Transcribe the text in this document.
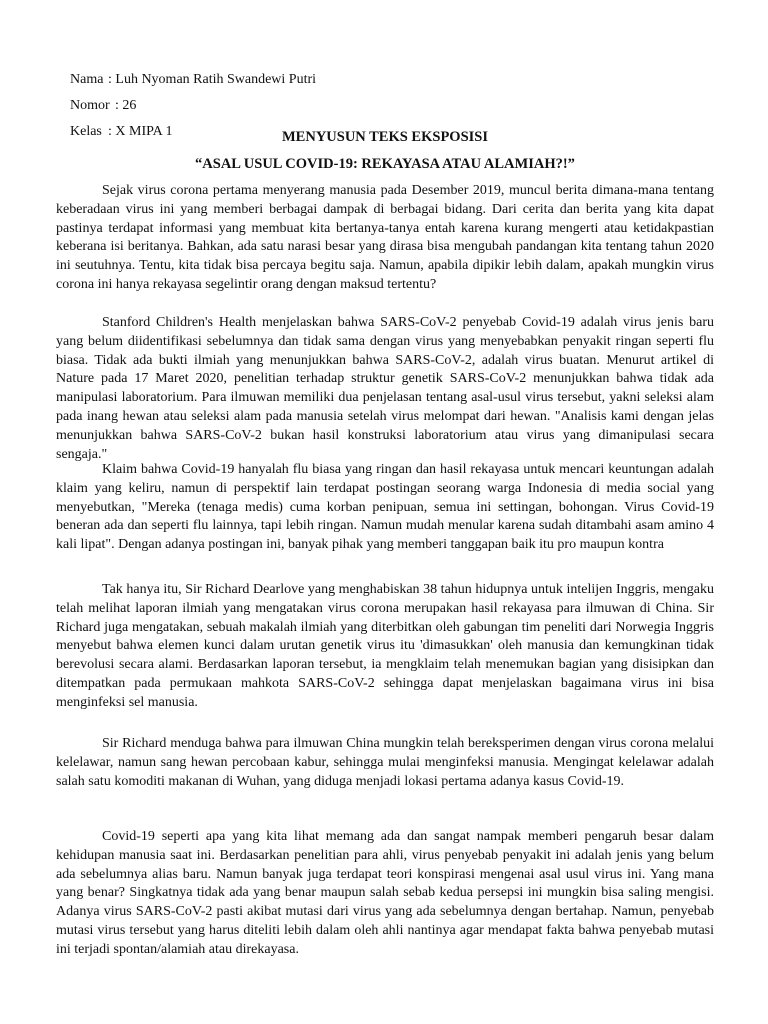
Nama : Luh Nyoman Ratih Swandewi Putri

Nomor : 26

Kelas : X MIPA 1
	MENYUSUN TEKS EKSPOSISI
“ASAL USUL COVID-19: REKAYASA ATAU ALAMIAH?!”

Sejak virus corona pertama menyerang manusia pada Desember 2019, muncul berita dimana-mana tentang keberadaan virus ini yang memberi berbagai dampak di berbagai bidang. Dari cerita dan berita yang kita dapat pastinya terdapat informasi yang membuat kita bertanya-tanya entah karena kurang mengerti atau ketidakpastian keberana isi beritanya. Bahkan, ada satu narasi besar yang dirasa bisa mengubah pandangan kita tentang tahun 2020 ini seutuhnya. Tentu, kita tidak bisa percaya begitu saja. Namun, apabila dipikir lebih dalam, apakah mungkin virus corona ini hanya rekayasa segelintir orang dengan maksud tertentu?

Stanford Children's Health menjelaskan bahwa SARS-CoV-2 penyebab Covid-19 adalah virus jenis baru yang belum diidentifikasi sebelumnya dan tidak sama dengan virus yang menyebabkan penyakit ringan seperti flu biasa. Tidak ada bukti ilmiah yang menunjukkan bahwa SARS-CoV-2, adalah virus buatan. Menurut artikel di Nature pada 17 Maret 2020, penelitian terhadap struktur genetik SARS-CoV-2 menunjukkan bahwa tidak ada manipulasi laboratorium. Para ilmuwan memiliki dua penjelasan tentang asal-usul virus tersebut, yakni seleksi alam pada inang hewan atau seleksi alam pada manusia setelah virus melompat dari hewan. "Analisis kami dengan jelas menunjukkan bahwa SARS-CoV-2 bukan hasil konstruksi laboratorium atau virus yang dimanipulasi secara sengaja."

Klaim bahwa Covid-19 hanyalah flu biasa yang ringan dan hasil rekayasa untuk mencari keuntungan adalah klaim yang keliru, namun di perspektif lain terdapat postingan seorang warga Indonesia di media social yang menyebutkan, "Mereka (tenaga medis) cuma korban penipuan, semua ini settingan, bohongan. Virus Covid-19 beneran ada dan seperti flu lainnya, tapi lebih ringan. Namun mudah menular karena sudah ditambahi asam amino 4 kali lipat". Dengan adanya postingan ini, banyak pihak yang memberi tanggapan baik itu pro maupun kontra

Tak hanya itu, Sir Richard Dearlove yang menghabiskan 38 tahun hidupnya untuk intelijen Inggris, mengaku telah melihat laporan ilmiah yang mengatakan virus corona merupakan hasil rekayasa para ilmuwan di China. Sir Richard juga mengatakan, sebuah makalah ilmiah yang diterbitkan oleh gabungan tim peneliti dari Norwegia Inggris menyebut bahwa elemen kunci dalam urutan genetik virus itu 'dimasukkan' oleh manusia dan kemungkinan tidak berevolusi secara alami. Berdasarkan laporan tersebut, ia mengklaim telah menemukan bagian yang disisipkan dan ditempatkan pada permukaan mahkota SARS-CoV-2 sehingga dapat menjelaskan bagaimana virus ini bisa menginfeksi sel manusia.

Sir Richard menduga bahwa para ilmuwan China mungkin telah bereksperimen dengan virus corona melalui kelelawar, namun sang hewan percobaan kabur, sehingga mulai menginfeksi manusia. Mengingat kelelawar adalah salah satu komoditi makanan di Wuhan, yang diduga menjadi lokasi pertama adanya kasus Covid-19.

Covid-19 seperti apa yang kita lihat memang ada dan sangat nampak memberi pengaruh besar dalam kehidupan manusia saat ini. Berdasarkan penelitian para ahli, virus penyebab penyakit ini adalah jenis yang belum ada sebelumnya alias baru. Namun banyak juga terdapat teori konspirasi mengenai asal usul virus ini. Yang mana yang benar? Singkatnya tidak ada yang benar maupun salah sebab kedua persepsi ini mungkin bisa saling mengisi. Adanya virus SARS-CoV-2 pasti akibat mutasi dari virus yang ada sebelumnya dengan bertahap. Namun, penyebab mutasi virus tersebut yang harus diteliti lebih dalam oleh ahli nantinya agar mendapat fakta bahwa penyebab mutasi ini terjadi spontan/alamiah atau direkayasa.
